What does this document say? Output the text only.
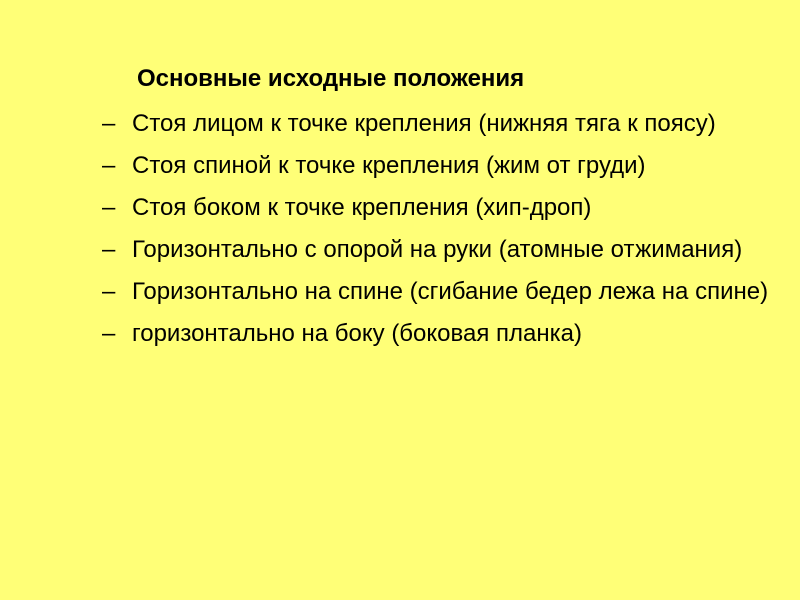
Основные исходные положения
– Стоя лицом к точке крепления (нижняя тяга к поясу)
– Стоя спиной к точке крепления (жим от груди)
– Стоя боком к точке крепления (хип-дроп)
– Горизонтально с опорой на руки (атомные отжимания)
– Горизонтально на спине (сгибание бедер лежа на спине)
– горизонтально на боку (боковая планка)
